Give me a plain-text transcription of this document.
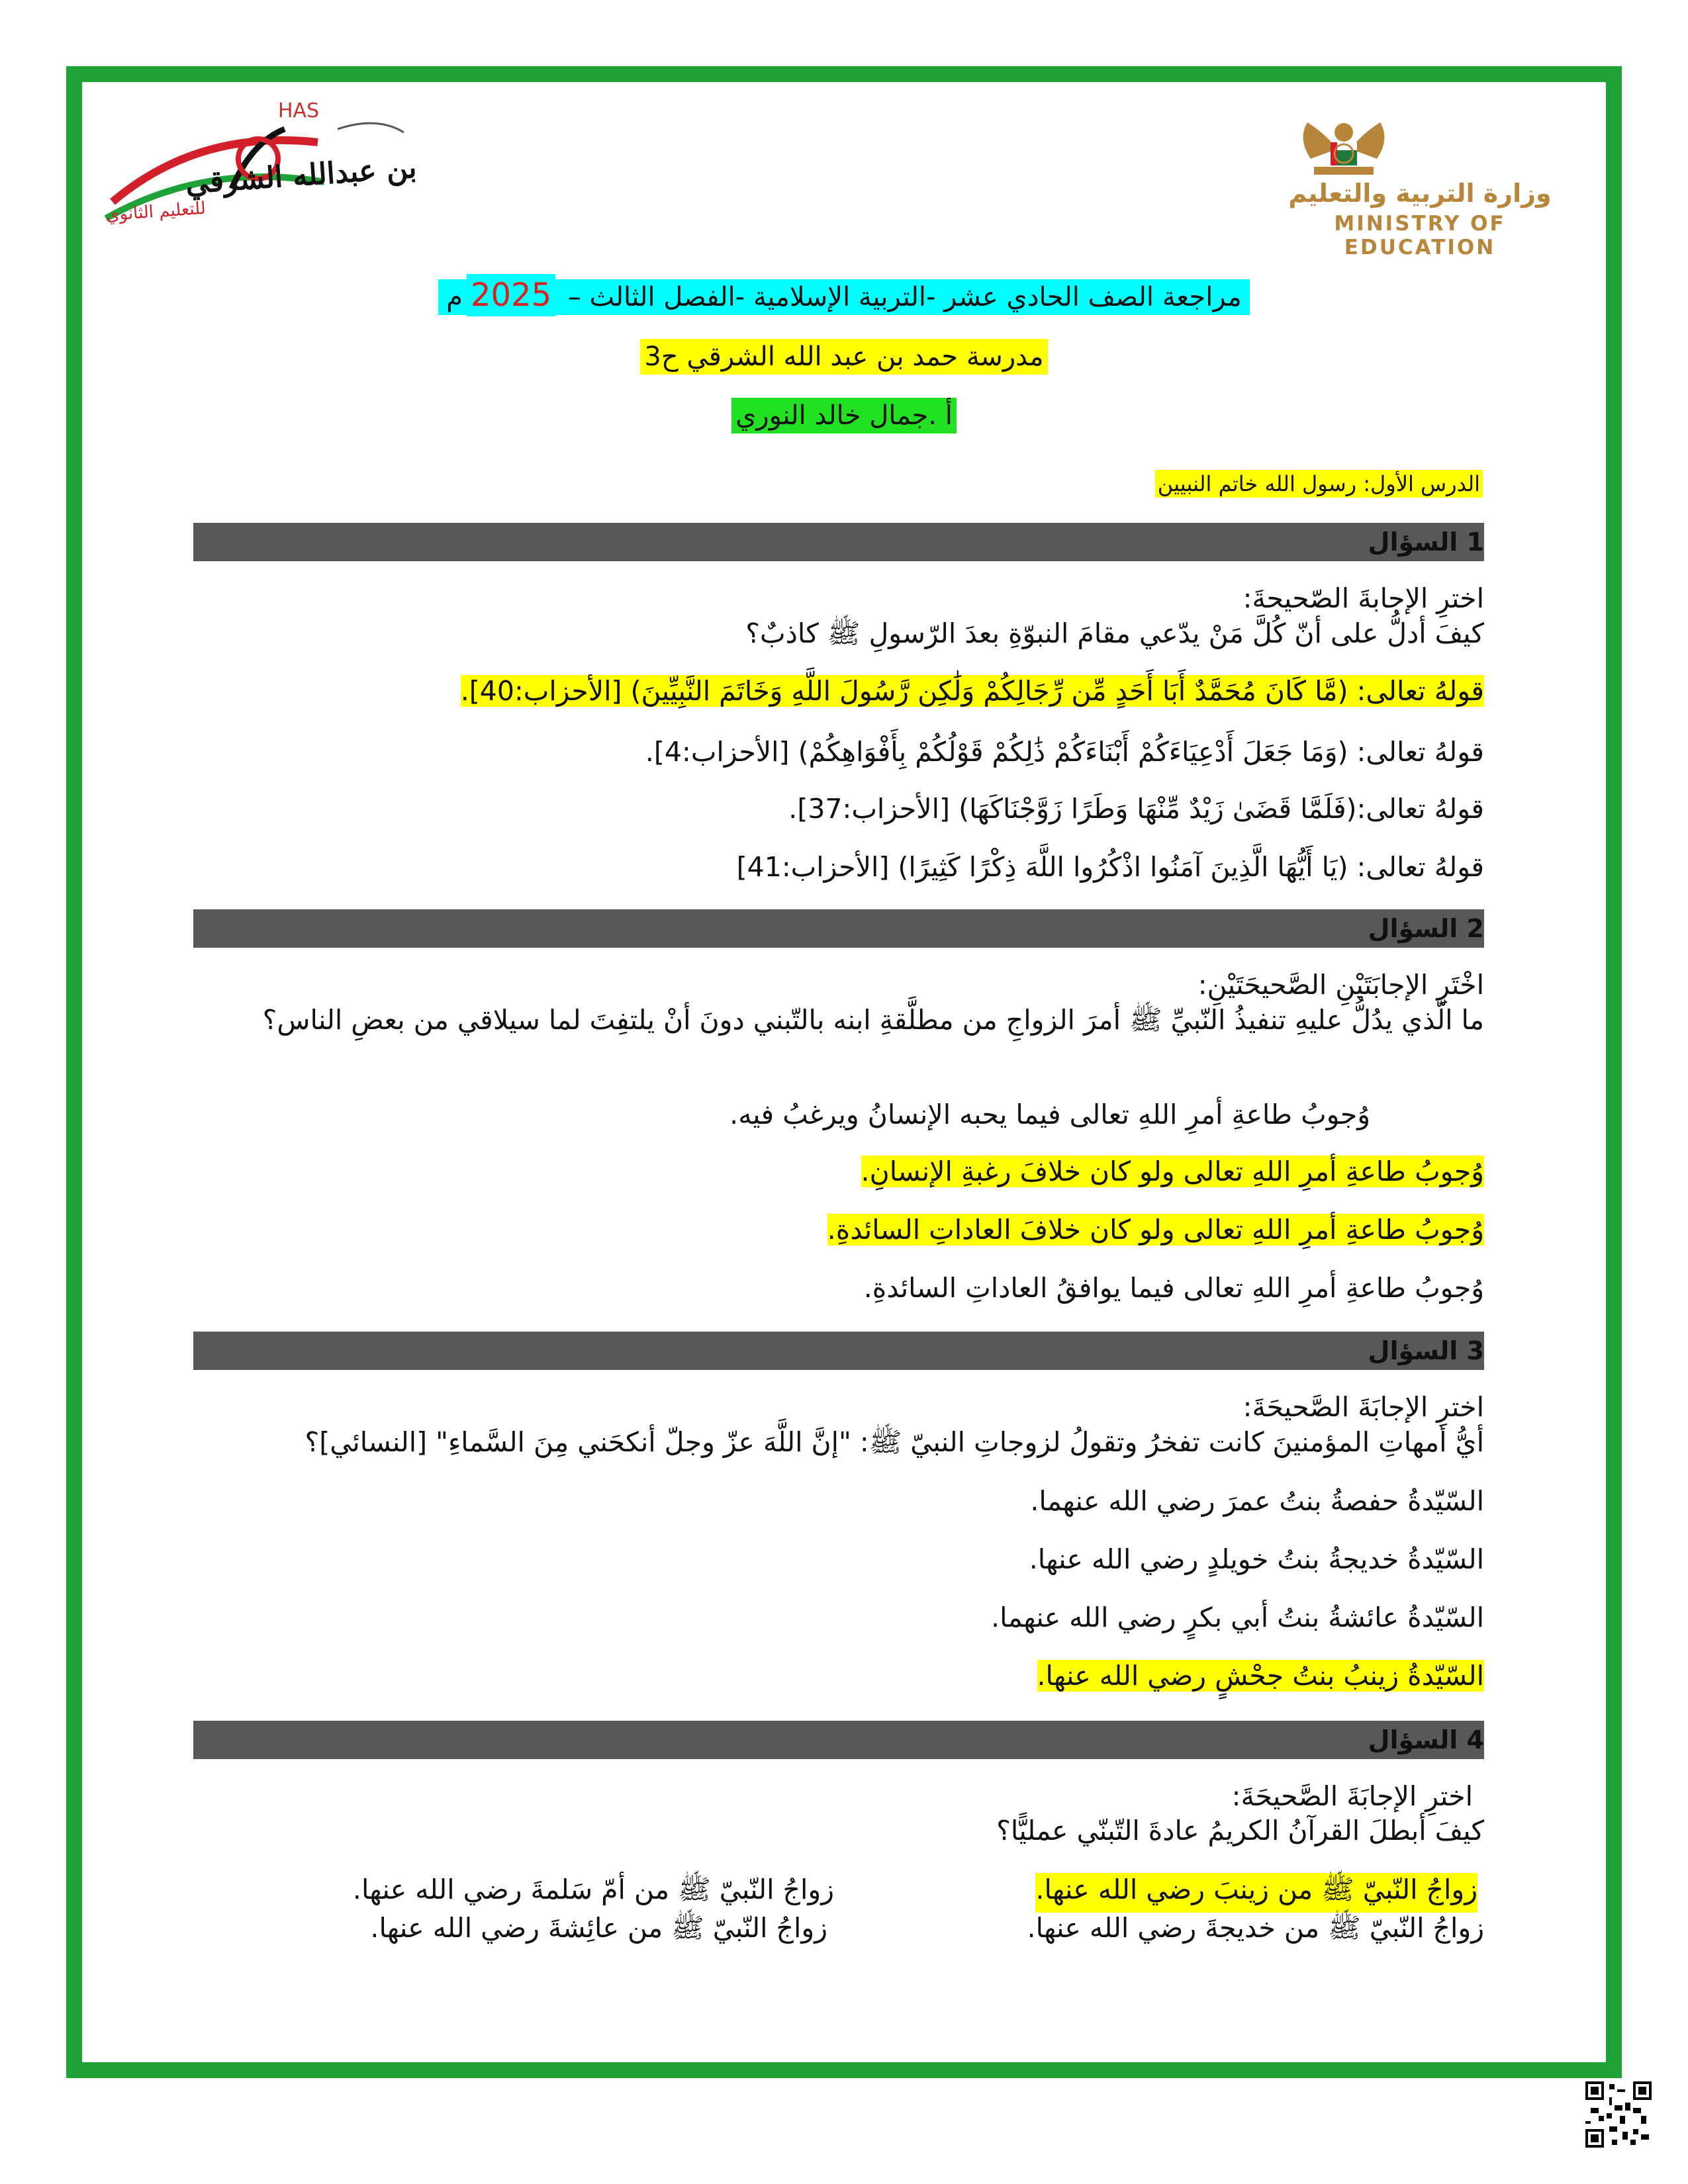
وزارة التربية والتعليم
MINISTRY OF EDUCATION
HAS
بن عبدالله الشرقي
للتعليم الثانوي
مراجعة الصف الحادي عشر -التربية الإسلامية -الفصل الثالث – 2025م
مدرسة حمد بن عبد الله الشرقي ح3
أ .جمال خالد النوري
الدرس الأول: رسول الله خاتم النبيين
1 السؤال
اخترِ الإجابةَ الصّحيحةَ:
كيفَ أدلُّ على أنّ كُلَّ مَنْ يدّعي مقامَ النبوّةِ بعدَ الرّسولِ ﷺ كاذبٌ؟
قولهُ تعالى: (مَّا كَانَ مُحَمَّدٌ أَبَا أَحَدٍ مِّن رِّجَالِكُمْ وَلَٰكِن رَّسُولَ اللَّهِ وَخَاتَمَ النَّبِيِّينَ) [الأحزاب:40].
قولهُ تعالى: (وَمَا جَعَلَ أَدْعِيَاءَكُمْ أَبْنَاءَكُمْ ذَٰلِكُمْ قَوْلُكُمْ بِأَفْوَاهِكُمْ) [الأحزاب:4].
قولهُ تعالى:(فَلَمَّا قَضَىٰ زَيْدٌ مِّنْهَا وَطَرًا زَوَّجْنَاكَهَا) [الأحزاب:37].
قولهُ تعالى: (يَا أَيُّهَا الَّذِينَ آمَنُوا اذْكُرُوا اللَّهَ ذِكْرًا كَثِيرًا) [الأحزاب:41]
2 السؤال
اخْتَرِ الإجابَتَيْنِ الصَّحيحَتَيْنِ:
ما الّذي يدُلُّ عليهِ تنفيذُ النّبيِّ ﷺ أمرَ الزواجِ من مطلَّقةِ ابنه بالتّبني دونَ أنْ يلتفِتَ لما سيلاقي من بعضِ الناس؟
وُجوبُ طاعةِ أمرِ اللهِ تعالى فيما يحبه الإنسانُ ويرغبُ فيه.
وُجوبُ طاعةِ أمرِ اللهِ تعالى ولو كان خلافَ رغبةِ الإنسانِ.
وُجوبُ طاعةِ أمرِ اللهِ تعالى ولو كان خلافَ العاداتِ السائدةِ.
وُجوبُ طاعةِ أمرِ اللهِ تعالى فيما يوافقُ العاداتِ السائدةِ.
3 السؤال
اخترِ الإجابَةَ الصَّحيحَةَ:
أيُّ أمهاتِ المؤمنينَ كانت تفخرُ وتقولُ لزوجاتِ النبيّ ﷺ: "إنَّ اللَّهَ عزّ وجلّ أنكحَني مِنَ السَّماءِ" [النسائي]؟
السّيّدةُ حفصةُ بنتُ عمرَ رضي الله عنهما.
السّيّدةُ خديجةُ بنتُ خويلدٍ رضي الله عنها.
السّيّدةُ عائشةُ بنتُ أبي بكرٍ رضي الله عنهما.
السّيّدةُ زينبُ بنتُ جحْشٍ رضي الله عنها.
4 السؤال
اخترِ الإجابَةَ الصَّحيحَةَ:
كيفَ أبطلَ القرآنُ الكريمُ عادةَ التّبنّي عمليًّا؟
زواجُ النّبيّ ﷺ من زينبَ رضي الله عنها.
زواجُ النّبيّ ﷺ من أمّ سَلمةَ رضي الله عنها.
زواجُ النّبيّ ﷺ من خديجةَ رضي الله عنها.
زواجُ النّبيّ ﷺ من عائِشةَ رضي الله عنها.
